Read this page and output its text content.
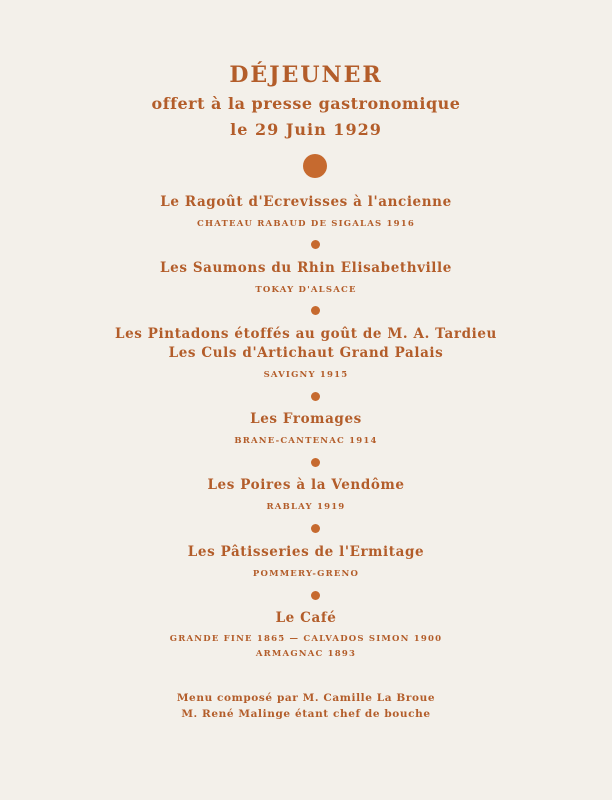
DÉJEUNER
offert à la presse gastronomique
le 29 Juin 1929
Le Ragoût d'Ecrevisses à l'ancienne
CHATEAU RABAUD DE SIGALAS 1916
Les Saumons du Rhin Elisabethville
TOKAY D'ALSACE
Les Pintadons étoffés au goût de M. A. Tardieu
Les Culs d'Artichaut Grand Palais
SAVIGNY 1915
Les Fromages
BRANE-CANTENAC 1914
Les Poires à la Vendôme
RABLAY 1919
Les Pâtisseries de l'Ermitage
POMMERY-GRENO
Le Café
GRANDE FINE 1865 — CALVADOS SIMON 1900
ARMAGNAC 1893
Menu composé par M. Camille La Broue
M. René Malinge étant chef de bouche
